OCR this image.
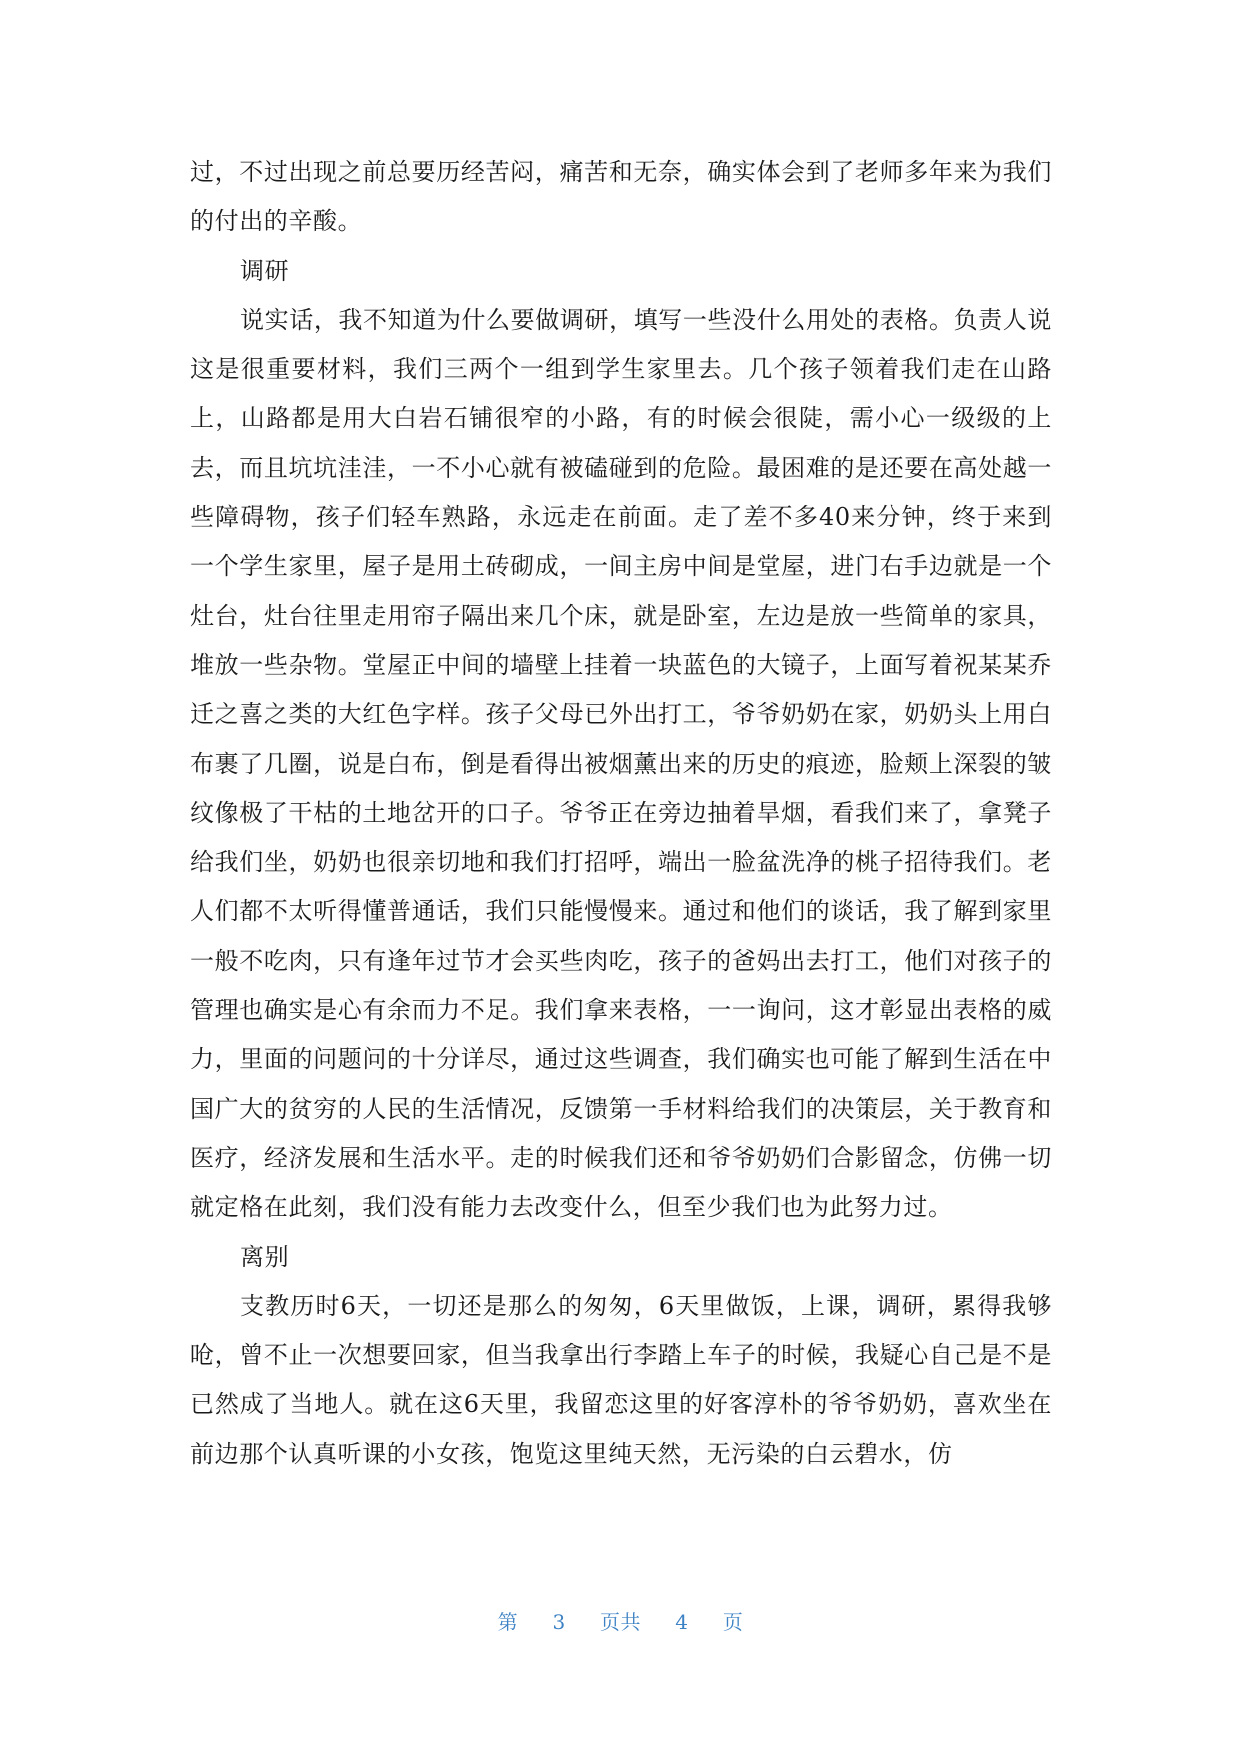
过，不过出现之前总要历经苦闷，痛苦和无奈，确实体会到了老师多年来为我们的付出的辛酸。

调研

说实话，我不知道为什么要做调研，填写一些没什么用处的表格。负责人说这是很重要材料，我们三两个一组到学生家里去。几个孩子领着我们走在山路上，山路都是用大白岩石铺很窄的小路，有的时候会很陡，需小心一级级的上去，而且坑坑洼洼，一不小心就有被磕碰到的危险。最困难的是还要在高处越一些障碍物，孩子们轻车熟路，永远走在前面。走了差不多40来分钟，终于来到一个学生家里，屋子是用土砖砌成，一间主房中间是堂屋，进门右手边就是一个灶台，灶台往里走用帘子隔出来几个床，就是卧室，左边是放一些简单的家具，堆放一些杂物。堂屋正中间的墙壁上挂着一块蓝色的大镜子，上面写着祝某某乔迁之喜之类的大红色字样。孩子父母已外出打工，爷爷奶奶在家，奶奶头上用白布裹了几圈，说是白布，倒是看得出被烟薰出来的历史的痕迹，脸颊上深裂的皱纹像极了干枯的土地岔开的口子。爷爷正在旁边抽着旱烟，看我们来了，拿凳子给我们坐，奶奶也很亲切地和我们打招呼，端出一脸盆洗净的桃子招待我们。老人们都不太听得懂普通话，我们只能慢慢来。通过和他们的谈话，我了解到家里一般不吃肉，只有逢年过节才会买些肉吃，孩子的爸妈出去打工，他们对孩子的管理也确实是心有余而力不足。我们拿来表格，一一询问，这才彰显出表格的威力，里面的问题问的十分详尽，通过这些调查，我们确实也可能了解到生活在中国广大的贫穷的人民的生活情况，反馈第一手材料给我们的决策层，关于教育和医疗，经济发展和生活水平。走的时候我们还和爷爷奶奶们合影留念，仿佛一切就定格在此刻，我们没有能力去改变什么，但至少我们也为此努力过。

离别

支教历时6天，一切还是那么的匆匆，6天里做饭，上课，调研，累得我够呛，曾不止一次想要回家，但当我拿出行李踏上车子的时候，我疑心自己是不是已然成了当地人。就在这6天里，我留恋这里的好客淳朴的爷爷奶奶，喜欢坐在前边那个认真听课的小女孩，饱览这里纯天然，无污染的白云碧水，仿

第 3 页共 4 页
